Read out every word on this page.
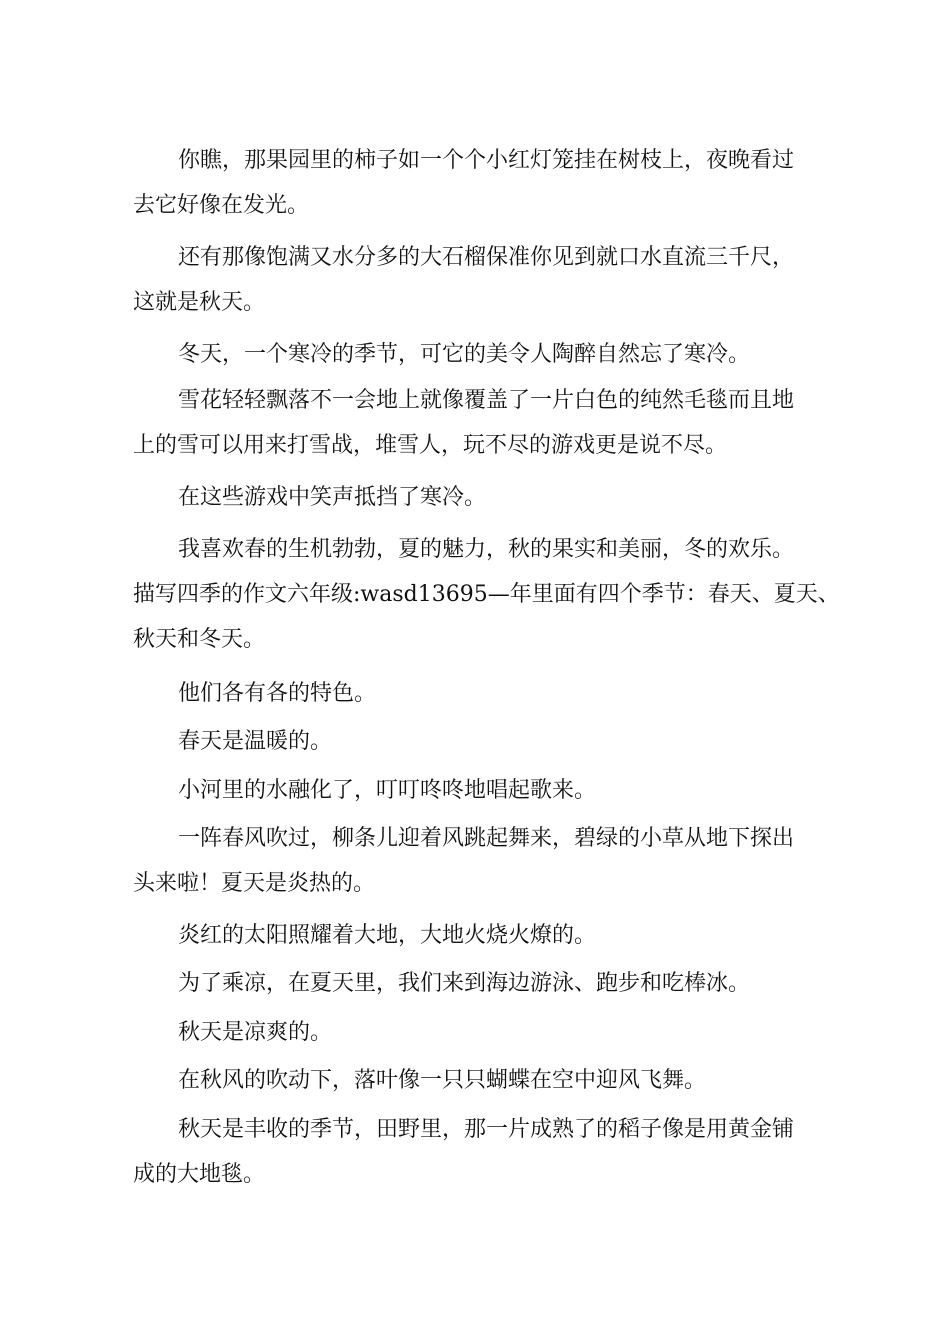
你瞧，那果园里的柿子如一个个小红灯笼挂在树枝上，夜晚看过
去它好像在发光。

还有那像饱满又水分多的大石榴保准你见到就口水直流三千尺，
这就是秋天。

冬天，一个寒冷的季节，可它的美令人陶醉自然忘了寒冷。

雪花轻轻飘落不一会地上就像覆盖了一片白色的纯然毛毯而且地
上的雪可以用来打雪战，堆雪人，玩不尽的游戏更是说不尽。

在这些游戏中笑声抵挡了寒冷。

我喜欢春的生机勃勃，夏的魅力，秋的果实和美丽，冬的欢乐。

描写四季的作文六年级:wasd13695—年里面有四个季节：春天、夏天、
秋天和冬天。

他们各有各的特色。

春天是温暖的。

小河里的水融化了，叮叮咚咚地唱起歌来。

一阵春风吹过，柳条儿迎着风跳起舞来，碧绿的小草从地下探出
头来啦！夏天是炎热的。

炎红的太阳照耀着大地，大地火烧火燎的。

为了乘凉，在夏天里，我们来到海边游泳、跑步和吃棒冰。

秋天是凉爽的。

在秋风的吹动下，落叶像一只只蝴蝶在空中迎风飞舞。

秋天是丰收的季节，田野里，那一片成熟了的稻子像是用黄金铺
成的大地毯。
